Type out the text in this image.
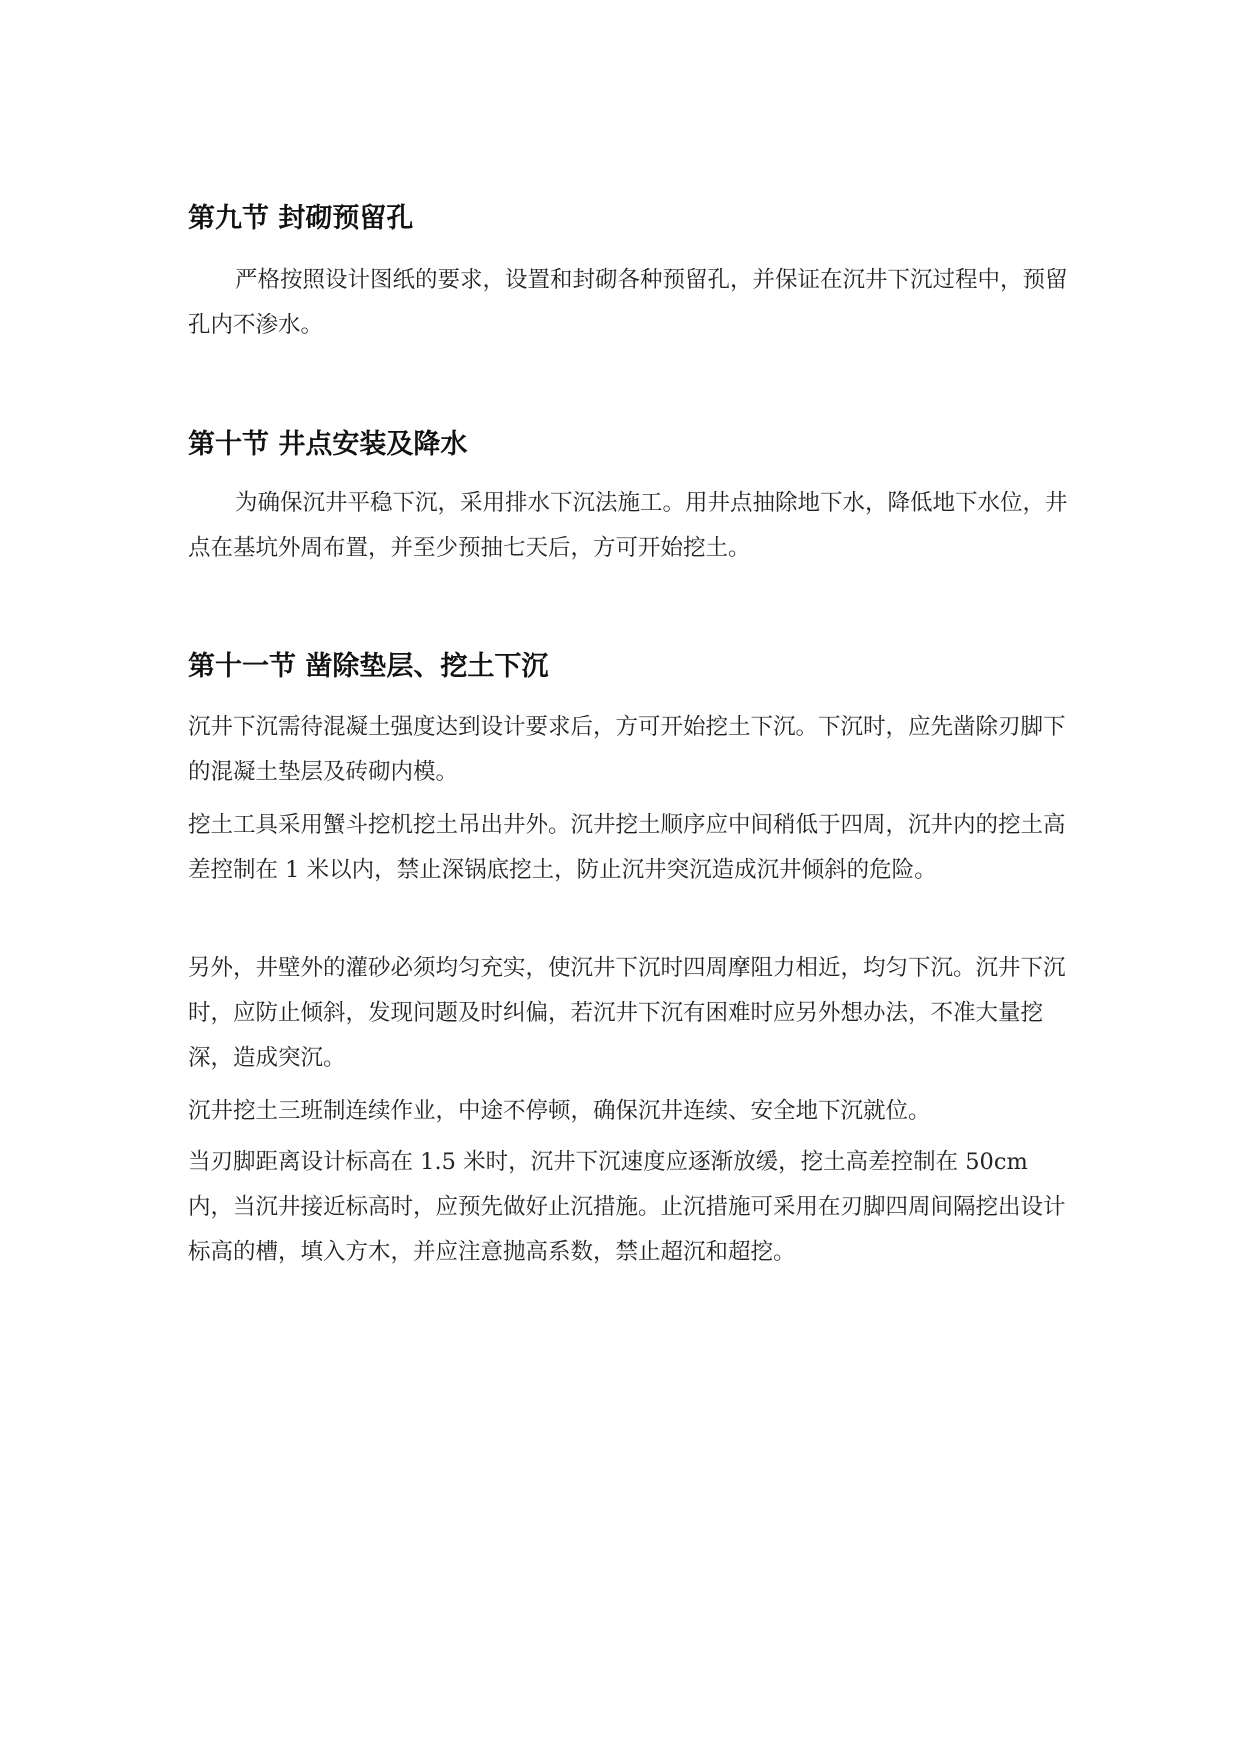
第九节 封砌预留孔

严格按照设计图纸的要求，设置和封砌各种预留孔，并保证在沉井下沉过程中，预留孔内不渗水。

第十节 井点安装及降水

为确保沉井平稳下沉，采用排水下沉法施工。用井点抽除地下水，降低地下水位，井点在基坑外周布置，并至少预抽七天后，方可开始挖土。

第十一节 凿除垫层、挖土下沉

沉井下沉需待混凝土强度达到设计要求后，方可开始挖土下沉。下沉时，应先凿除刃脚下的混凝土垫层及砖砌内模。

挖土工具采用蟹斗挖机挖土吊出井外。沉井挖土顺序应中间稍低于四周，沉井内的挖土高差控制在 1 米以内，禁止深锅底挖土，防止沉井突沉造成沉井倾斜的危险。

另外，井壁外的灌砂必须均匀充实，使沉井下沉时四周摩阻力相近，均匀下沉。沉井下沉时，应防止倾斜，发现问题及时纠偏，若沉井下沉有困难时应另外想办法，不准大量挖深，造成突沉。

沉井挖土三班制连续作业，中途不停顿，确保沉井连续、安全地下沉就位。

当刃脚距离设计标高在 1.5 米时，沉井下沉速度应逐渐放缓，挖土高差控制在 50cm 内，当沉井接近标高时，应预先做好止沉措施。止沉措施可采用在刃脚四周间隔挖出设计标高的槽，填入方木，并应注意抛高系数，禁止超沉和超挖。
